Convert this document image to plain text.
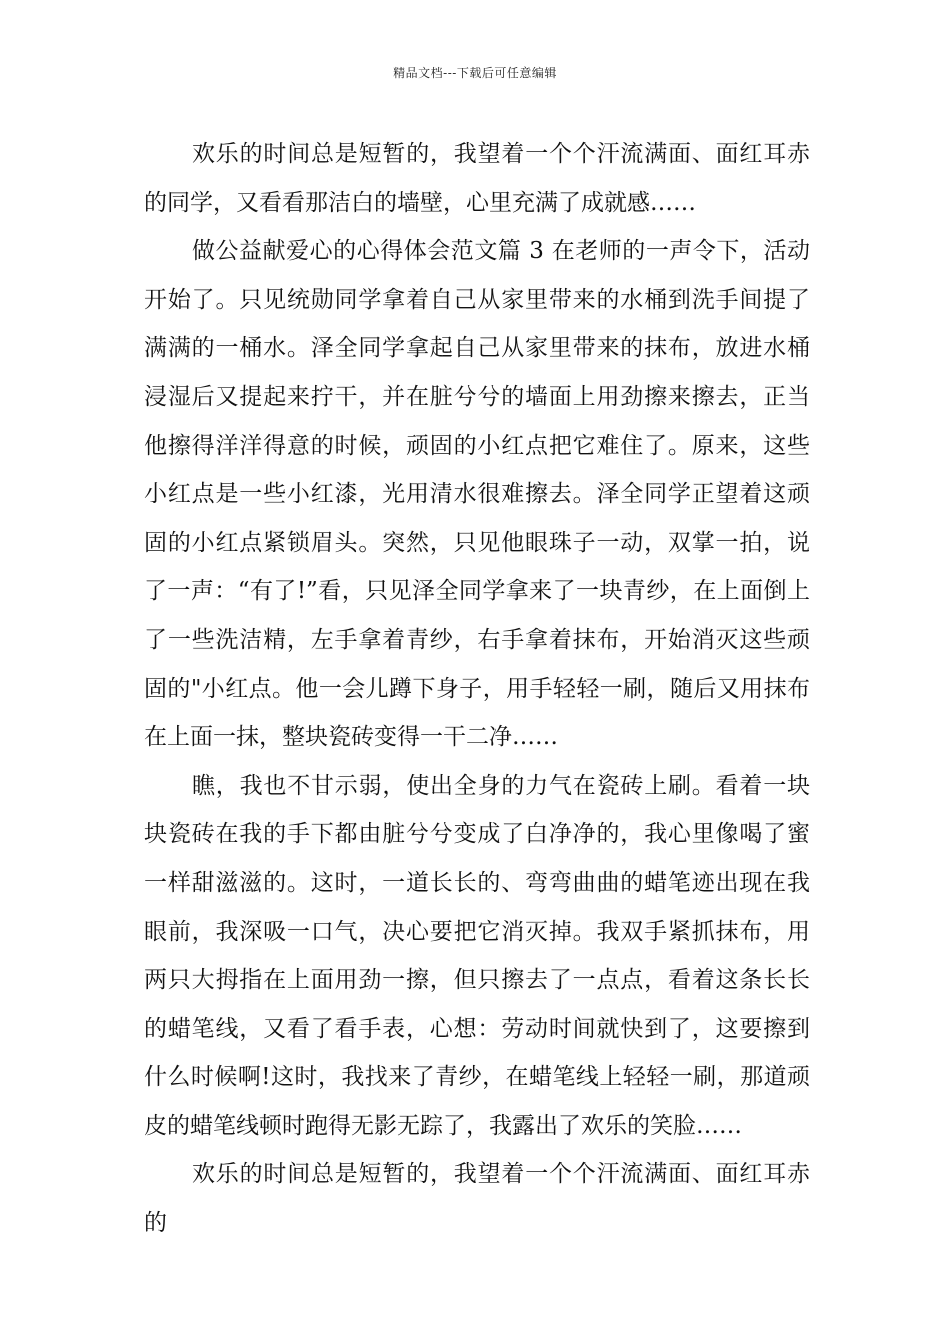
精品文档---下载后可任意编辑

欢乐的时间总是短暂的，我望着一个个汗流满面、面红耳赤的同学，又看看那洁白的墙壁，心里充满了成就感……

做公益献爱心的心得体会范文篇 3 在老师的一声令下，活动开始了。只见统勋同学拿着自己从家里带来的水桶到洗手间提了满满的一桶水。泽全同学拿起自己从家里带来的抹布，放进水桶浸湿后又提起来拧干，并在脏兮兮的墙面上用劲擦来擦去，正当他擦得洋洋得意的时候，顽固的小红点把它难住了。原来，这些小红点是一些小红漆，光用清水很难擦去。泽全同学正望着这顽固的小红点紧锁眉头。突然，只见他眼珠子一动，双掌一拍，说了一声：“有了!”看，只见泽全同学拿来了一块青纱，在上面倒上了一些洗洁精，左手拿着青纱，右手拿着抹布，开始消灭这些顽固的"小红点。他一会儿蹲下身子，用手轻轻一刷，随后又用抹布在上面一抹，整块瓷砖变得一干二净……

瞧，我也不甘示弱，使出全身的力气在瓷砖上刷。看着一块块瓷砖在我的手下都由脏兮兮变成了白净净的，我心里像喝了蜜一样甜滋滋的。这时，一道长长的、弯弯曲曲的蜡笔迹出现在我眼前，我深吸一口气，决心要把它消灭掉。我双手紧抓抹布，用两只大拇指在上面用劲一擦，但只擦去了一点点，看着这条长长的蜡笔线，又看了看手表，心想：劳动时间就快到了，这要擦到什么时候啊!这时，我找来了青纱，在蜡笔线上轻轻一刷，那道顽皮的蜡笔线顿时跑得无影无踪了，我露出了欢乐的笑脸……

欢乐的时间总是短暂的，我望着一个个汗流满面、面红耳赤的
